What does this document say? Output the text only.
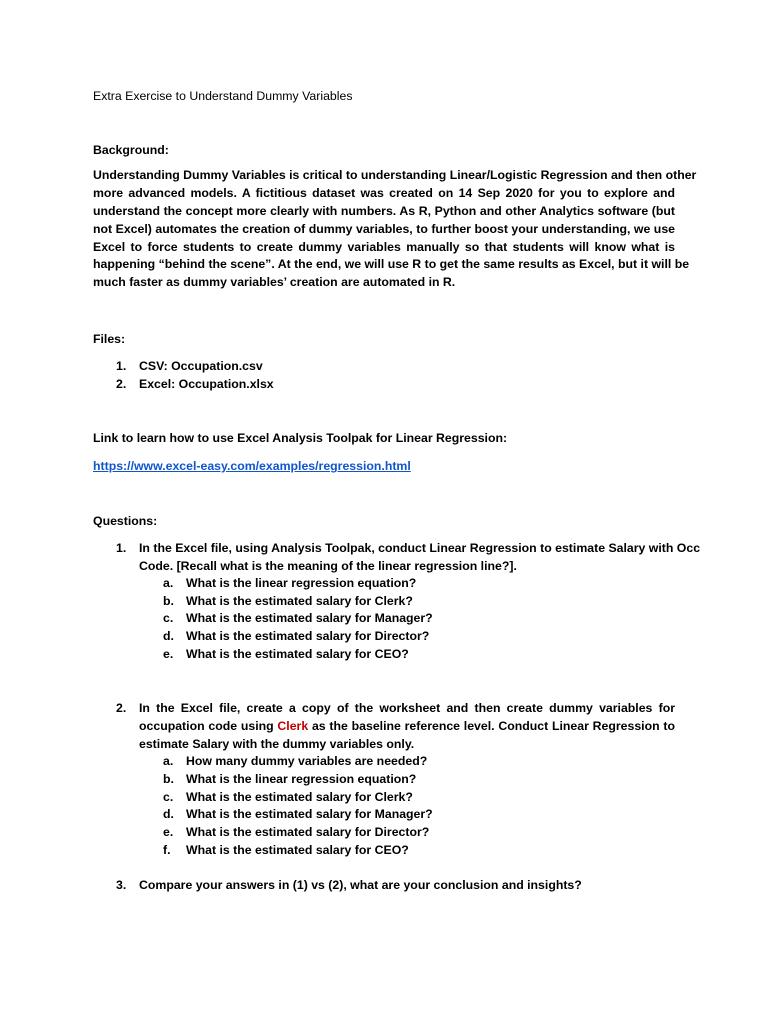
Extra Exercise to Understand Dummy Variables
Background:
Understanding Dummy Variables is critical to understanding Linear/Logistic Regression and then other
more advanced models. A fictitious dataset was created on 14 Sep 2020 for you to explore and
understand the concept more clearly with numbers. As R, Python and other Analytics software (but
not Excel) automates the creation of dummy variables, to further boost your understanding, we use
Excel to force students to create dummy variables manually so that students will know what is
happening “behind the scene”. At the end, we will use R to get the same results as Excel, but it will be
much faster as dummy variables’ creation are automated in R.
Files:
1. CSV: Occupation.csv
2. Excel: Occupation.xlsx
Link to learn how to use Excel Analysis Toolpak for Linear Regression:
https://www.excel-easy.com/examples/regression.html
Questions:
1. In the Excel file, using Analysis Toolpak, conduct Linear Regression to estimate Salary with Occ
Code. [Recall what is the meaning of the linear regression line?].
a. What is the linear regression equation?
b. What is the estimated salary for Clerk?
c. What is the estimated salary for Manager?
d. What is the estimated salary for Director?
e. What is the estimated salary for CEO?
2. In the Excel file, create a copy of the worksheet and then create dummy variables for
occupation code using Clerk as the baseline reference level. Conduct Linear Regression to
estimate Salary with the dummy variables only.
a. How many dummy variables are needed?
b. What is the linear regression equation?
c. What is the estimated salary for Clerk?
d. What is the estimated salary for Manager?
e. What is the estimated salary for Director?
f. What is the estimated salary for CEO?
3. Compare your answers in (1) vs (2), what are your conclusion and insights?
